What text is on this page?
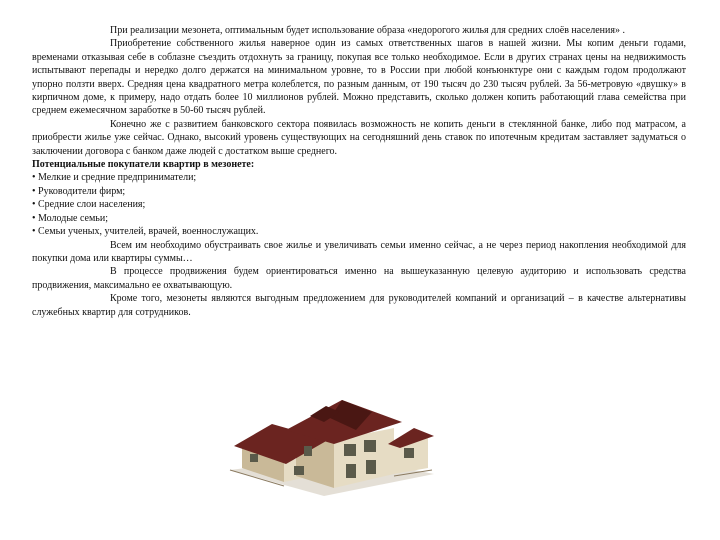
При реализации мезонета, оптимальным будет использование образа «недорогого жилья для средних слоёв населения» .

Приобретение собственного жилья наверное один из самых ответственных шагов в нашей жизни. Мы копим деньги годами, временами отказывая себе в соблазне съездить отдохнуть за границу, покупая все только необходимое. Если в других странах цены на недвижимость испытывают перепады и нередко долго держатся на минимальном уровне, то в России при любой конъюнктуре они с каждым годом продолжают упорно ползти вверх. Средняя цена квадратного метра колеблется, по разным данным, от 190 тысяч до 230 тысяч рублей. За 56-метровую «двушку» в кирпичном доме, к примеру, надо отдать более 10 миллионов рублей. Можно представить, сколько должен копить работающий глава семейства при среднем ежемесячном заработке в 50-60 тысяч рублей.

Конечно же с развитием банковского сектора появилась возможность не копить деньги в стеклянной банке, либо под матрасом, а приобрести жилье уже сейчас. Однако, высокий уровень существующих на сегодняшний день ставок по ипотечным кредитам заставляет задуматься о заключении договора с банком даже людей с достатком выше среднего.

Потенциальные покупатели квартир в мезонете:

• Мелкие и средние предприниматели;
• Руководители фирм;
• Средние слои населения;
• Молодые семьи;
• Семьи ученых, учителей, врачей, военнослужащих.

Всем им необходимо обустраивать свое жилье и увеличивать семьи именно сейчас, а не через период накопления необходимой для покупки дома или квартиры суммы…

В процессе продвижения будем ориентироваться именно на вышеуказанную целевую аудиторию и использовать средства продвижения, максимально ее охватывающую.

Кроме того, мезонеты являются выгодным предложением для руководителей компаний и организаций – в качестве альтернативы служебных квартир для сотрудников.
